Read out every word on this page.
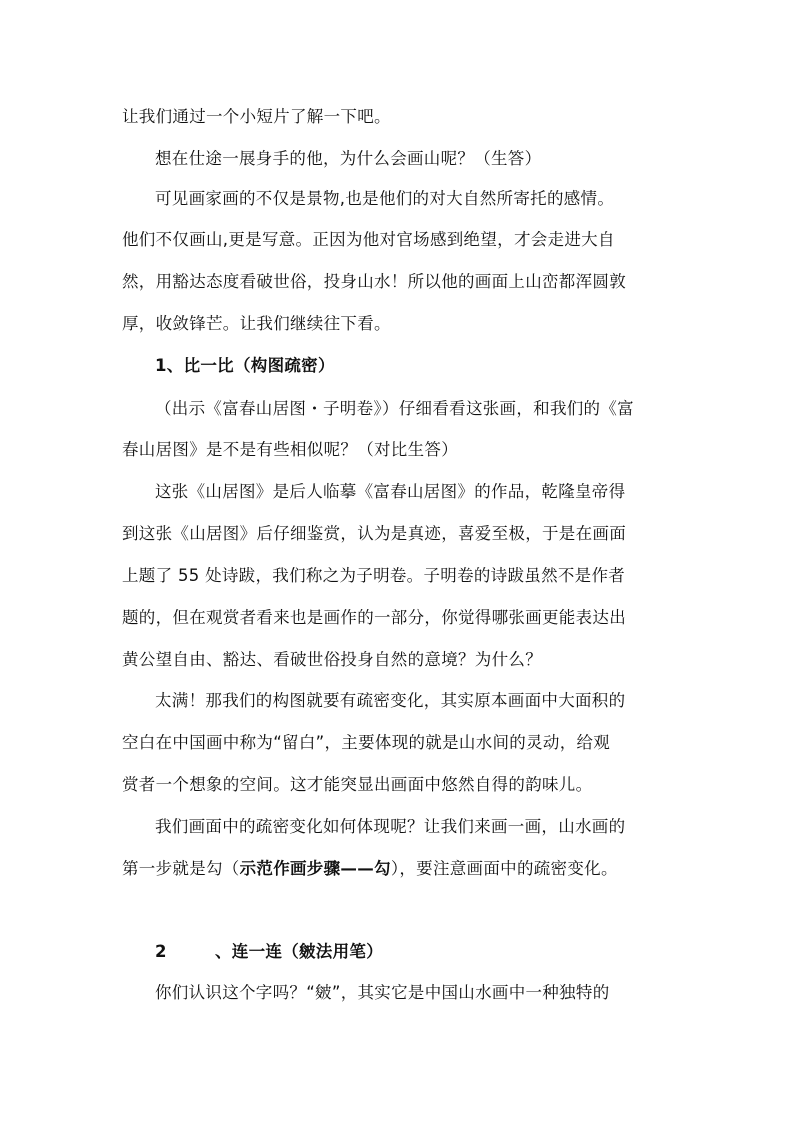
让我们通过一个小短片了解一下吧。
想在仕途一展身手的他，为什么会画山呢？（生答）
可见画家画的不仅是景物,也是他们的对大自然所寄托的感情。
他们不仅画山,更是写意。正因为他对官场感到绝望，才会走进大自
然，用豁达态度看破世俗，投身山水！所以他的画面上山峦都浑圆敦
厚，收敛锋芒。让我们继续往下看。
1、比一比（构图疏密）
（出示《富春山居图・子明卷》）仔细看看这张画，和我们的《富
春山居图》是不是有些相似呢？（对比生答）
这张《山居图》是后人临摹《富春山居图》的作品，乾隆皇帝得
到这张《山居图》后仔细鉴赏，认为是真迹，喜爱至极，于是在画面
上题了 55 处诗跋，我们称之为子明卷。子明卷的诗跋虽然不是作者
题的，但在观赏者看来也是画作的一部分，你觉得哪张画更能表达出
黄公望自由、豁达、看破世俗投身自然的意境？为什么？
太满！那我们的构图就要有疏密变化，其实原本画面中大面积的
空白在中国画中称为“留白”，主要体现的就是山水间的灵动，给观
赏者一个想象的空间。这才能突显出画面中悠然自得的韵味儿。
我们画面中的疏密变化如何体现呢？让我们来画一画，山水画的
第一步就是勾（示范作画步骤——勾），要注意画面中的疏密变化。
2	、连一连（皴法用笔）
你们认识这个字吗？“皴”，其实它是中国山水画中一种独特的
